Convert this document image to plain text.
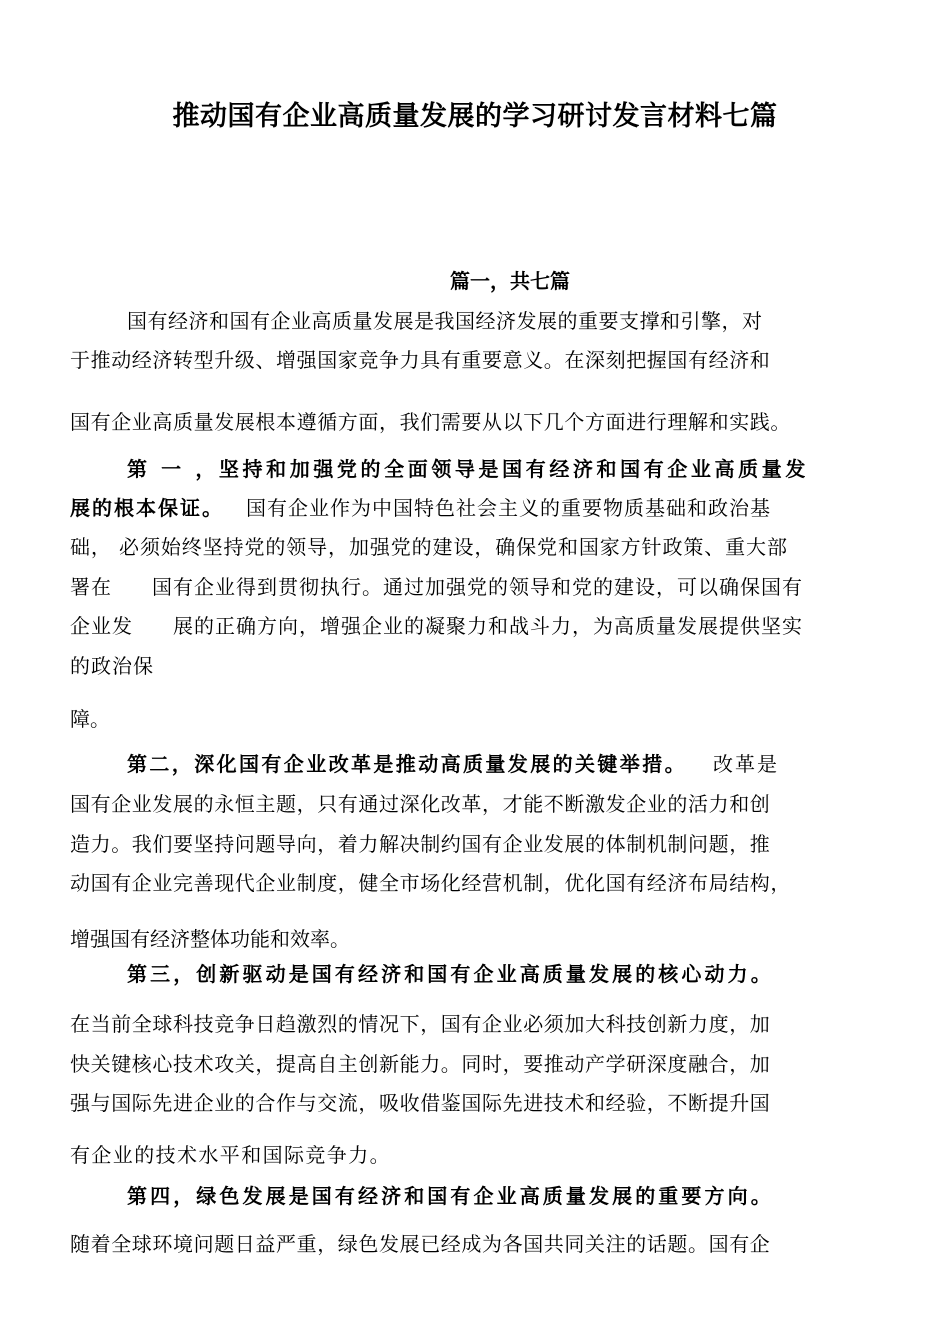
推动国有企业高质量发展的学习研讨发言材料七篇
篇一，共七篇
国有经济和国有企业高质量发展是我国经济发展的重要支撑和引擎，对
于推动经济转型升级、增强国家竞争力具有重要意义。在深刻把握国有经济和
国有企业高质量发展根本遵循方面，我们需要从以下几个方面进行理解和实践。
第 一 ，坚持和加强党的全面领导是国有经济和国有企业高质量发
展的根本保证。 国有企业作为中国特色社会主义的重要物质基础和政治基
础， 必须始终坚持党的领导，加强党的建设，确保党和国家方针政策、重大部
署在 国有企业得到贯彻执行。通过加强党的领导和党的建设，可以确保国有
企业发 展的正确方向，增强企业的凝聚力和战斗力，为高质量发展提供坚实
的政治保
障。
第二，深化国有企业改革是推动高质量发展的关键举措。 改革是
国有企业发展的永恒主题，只有通过深化改革，才能不断激发企业的活力和创
造力。我们要坚持问题导向，着力解决制约国有企业发展的体制机制问题，推
动国有企业完善现代企业制度，健全市场化经营机制，优化国有经济布局结构，
增强国有经济整体功能和效率。
第三，创新驱动是国有经济和国有企业高质量发展的核心动力。
在当前全球科技竞争日趋激烈的情况下，国有企业必须加大科技创新力度，加
快关键核心技术攻关，提高自主创新能力。同时，要推动产学研深度融合，加
强与国际先进企业的合作与交流，吸收借鉴国际先进技术和经验，不断提升国
有企业的技术水平和国际竞争力。
第四，绿色发展是国有经济和国有企业高质量发展的重要方向。
随着全球环境问题日益严重，绿色发展已经成为各国共同关注的话题。国有企
